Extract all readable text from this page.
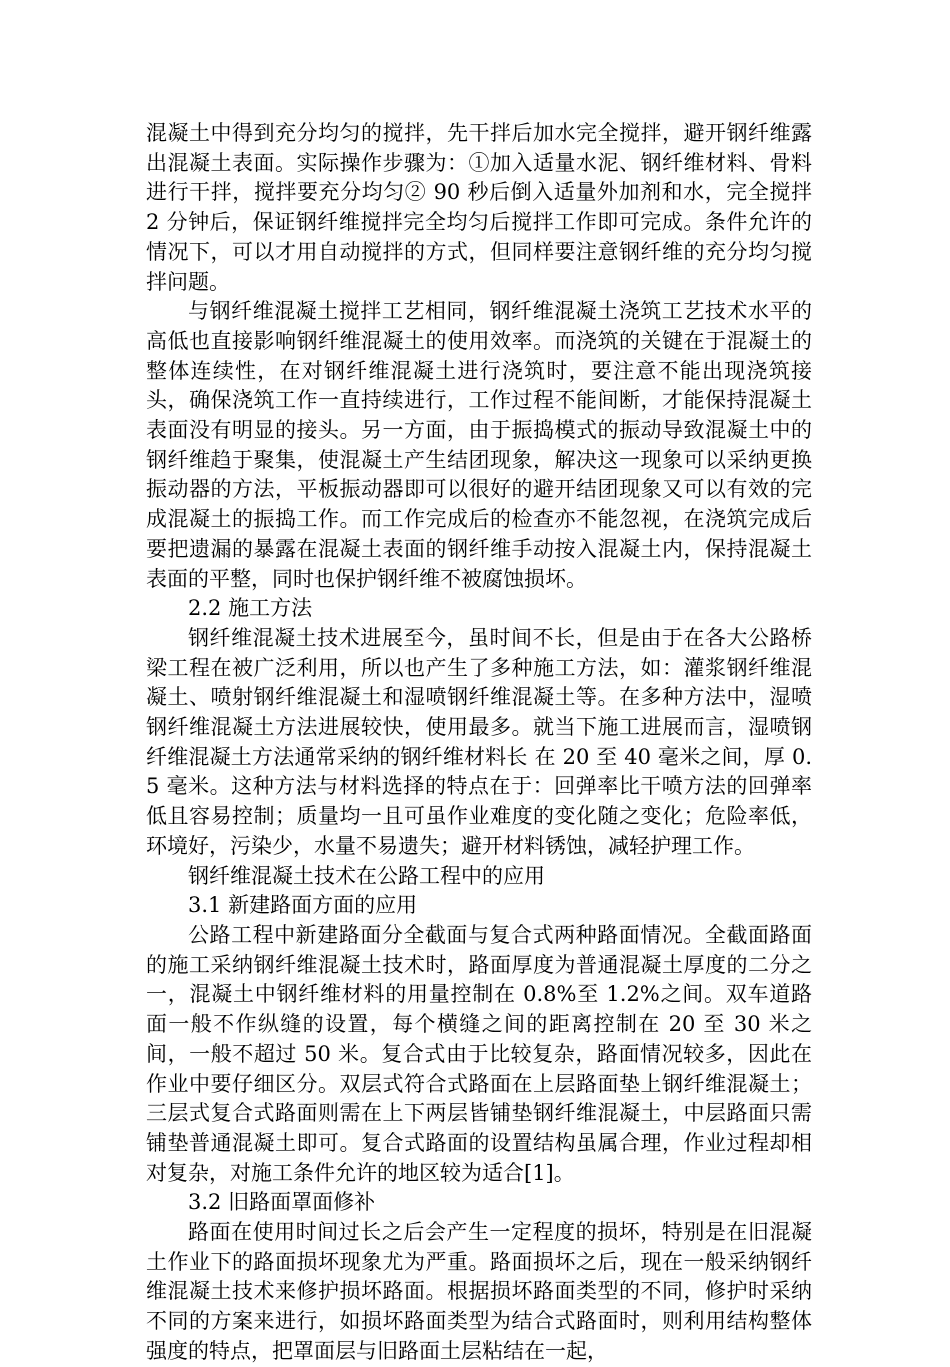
混凝土中得到充分均匀的搅拌，先干拌后加水完全搅拌，避开钢纤维露出混凝土表面。实际操作步骤为：①加入适量水泥、钢纤维材料、骨料进行干拌，搅拌要充分均匀② 90 秒后倒入适量外加剂和水，完全搅拌 2 分钟后，保证钢纤维搅拌完全均匀后搅拌工作即可完成。条件允许的情况下，可以才用自动搅拌的方式，但同样要注意钢纤维的充分均匀搅拌问题。

与钢纤维混凝土搅拌工艺相同，钢纤维混凝土浇筑工艺技术水平的高低也直接影响钢纤维混凝土的使用效率。而浇筑的关键在于混凝土的整体连续性，在对钢纤维混凝土进行浇筑时，要注意不能出现浇筑接头，确保浇筑工作一直持续进行，工作过程不能间断，才能保持混凝土表面没有明显的接头。另一方面，由于振捣模式的振动导致混凝土中的钢纤维趋于聚集，使混凝土产生结团现象，解决这一现象可以采纳更换振动器的方法，平板振动器即可以很好的避开结团现象又可以有效的完成混凝土的振捣工作。而工作完成后的检查亦不能忽视，在浇筑完成后要把遗漏的暴露在混凝土表面的钢纤维手动按入混凝土内，保持混凝土表面的平整，同时也保护钢纤维不被腐蚀损坏。

2.2 施工方法

钢纤维混凝土技术进展至今，虽时间不长，但是由于在各大公路桥梁工程在被广泛利用，所以也产生了多种施工方法，如：灌浆钢纤维混凝土、喷射钢纤维混凝土和湿喷钢纤维混凝土等。在多种方法中，湿喷钢纤维混凝土方法进展较快，使用最多。就当下施工进展而言，湿喷钢纤维混凝土方法通常采纳的钢纤维材料长 在 20 至 40 毫米之间，厚 0. 5 毫米。这种方法与材料选择的特点在于：回弹率比干喷方法的回弹率低且容易控制；质量均一且可虽作业难度的变化随之变化；危险率低，环境好，污染少，水量不易遗失；避开材料锈蚀，减轻护理工作。

钢纤维混凝土技术在公路工程中的应用

3.1 新建路面方面的应用

公路工程中新建路面分全截面与复合式两种路面情况。全截面路面的施工采纳钢纤维混凝土技术时，路面厚度为普通混凝土厚度的二分之一，混凝土中钢纤维材料的用量控制在 0.8%至 1.2%之间。双车道路面一般不作纵缝的设置，每个横缝之间的距离控制在 20 至 30 米之间，一般不超过 50 米。复合式由于比较复杂，路面情况较多，因此在作业中要仔细区分。双层式符合式路面在上层路面垫上钢纤维混凝土；三层式复合式路面则需在上下两层皆铺垫钢纤维混凝土，中层路面只需铺垫普通混凝土即可。复合式路面的设置结构虽属合理，作业过程却相对复杂，对施工条件允许的地区较为适合[1]。

3.2 旧路面罩面修补

路面在使用时间过长之后会产生一定程度的损坏，特别是在旧混凝土作业下的路面损坏现象尤为严重。路面损坏之后，现在一般采纳钢纤维混凝土技术来修护损坏路面。根据损坏路面类型的不同，修护时采纳不同的方案来进行，如损坏路面类型为结合式路面时，则利用结构整体强度的特点，把罩面层与旧路面土层粘结在一起，
